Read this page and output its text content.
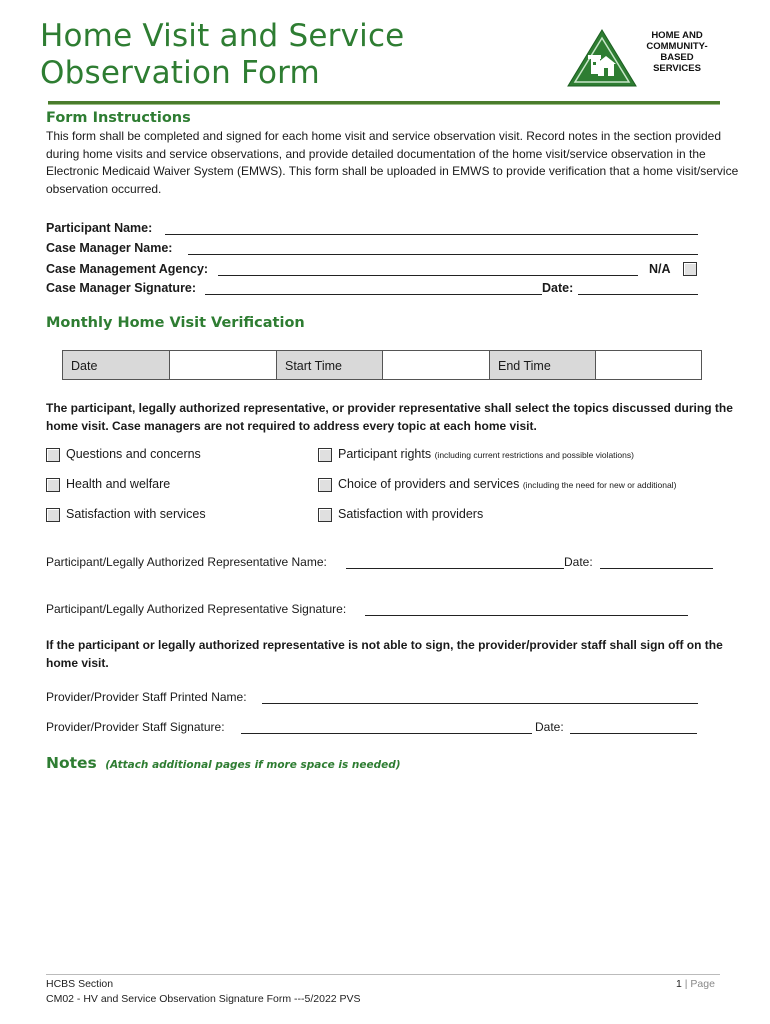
Home Visit and Service
Observation Form
HOME AND
COMMUNITY-
BASED
SERVICES
Form Instructions
This form shall be completed and signed for each home visit and service observation visit. Record notes in the section provided during home visits and service observations, and provide detailed documentation of the home visit/service observation in the Electronic Medicaid Waiver System (EMWS). This form shall be uploaded in EMWS to provide verification that a home visit/service observation occurred.
Participant Name:
Case Manager Name:
Case Management Agency:	N/A
Case Manager Signature:	Date:
Monthly Home Visit Verification
Date	Start Time	End Time
The participant, legally authorized representative, or provider representative shall select the topics discussed during the home visit. Case managers are not required to address every topic at each home visit.
Questions and concerns	Participant rights (including current restrictions and possible violations)
Health and welfare	Choice of providers and services (including the need for new or additional)
Satisfaction with services	Satisfaction with providers
Participant/Legally Authorized Representative Name:	Date:
Participant/Legally Authorized Representative Signature:
If the participant or legally authorized representative is not able to sign, the provider/provider staff shall sign off on the home visit.
Provider/Provider Staff Printed Name:
Provider/Provider Staff Signature:	Date:
Notes (Attach additional pages if more space is needed)
HCBS Section
CM02 - HV and Service Observation Signature Form ---5/2022 PVS
1 | Page
